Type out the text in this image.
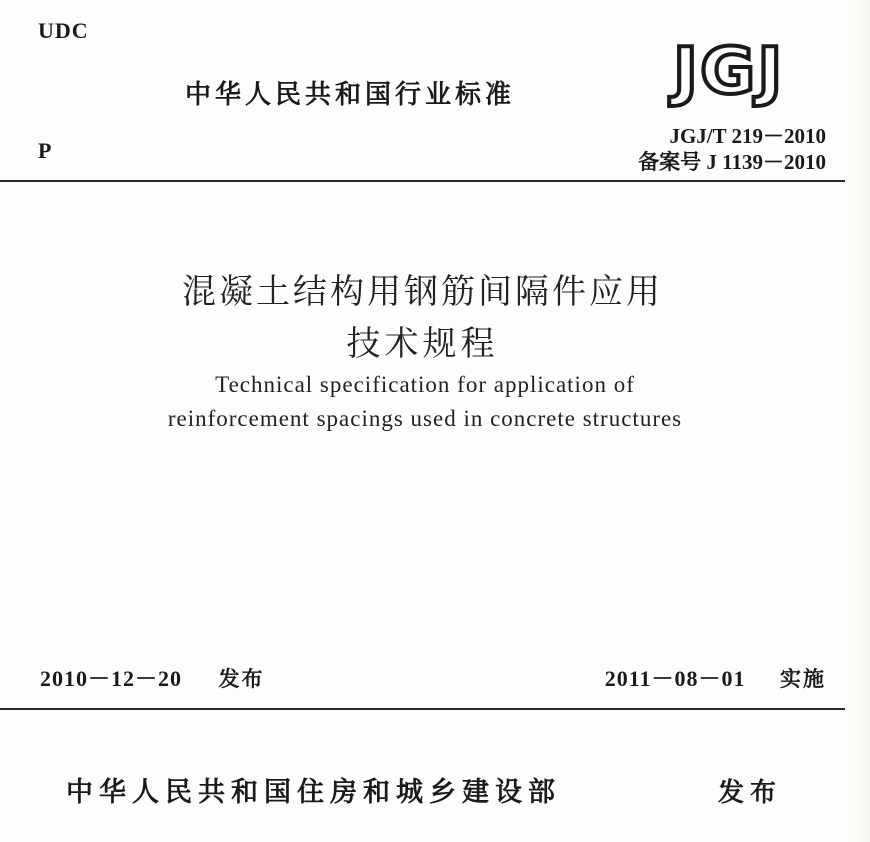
UDC
中华人民共和国行业标准 JGJ
P
JGJ/T 219－2010
备案号 J 1139－2010
混凝土结构用钢筋间隔件应用
技术规程
Technical specification for application of
reinforcement spacings used in concrete structures
2010－12－20 发布	2011－08－01 实施
中华人民共和国住房和城乡建设部	发布
